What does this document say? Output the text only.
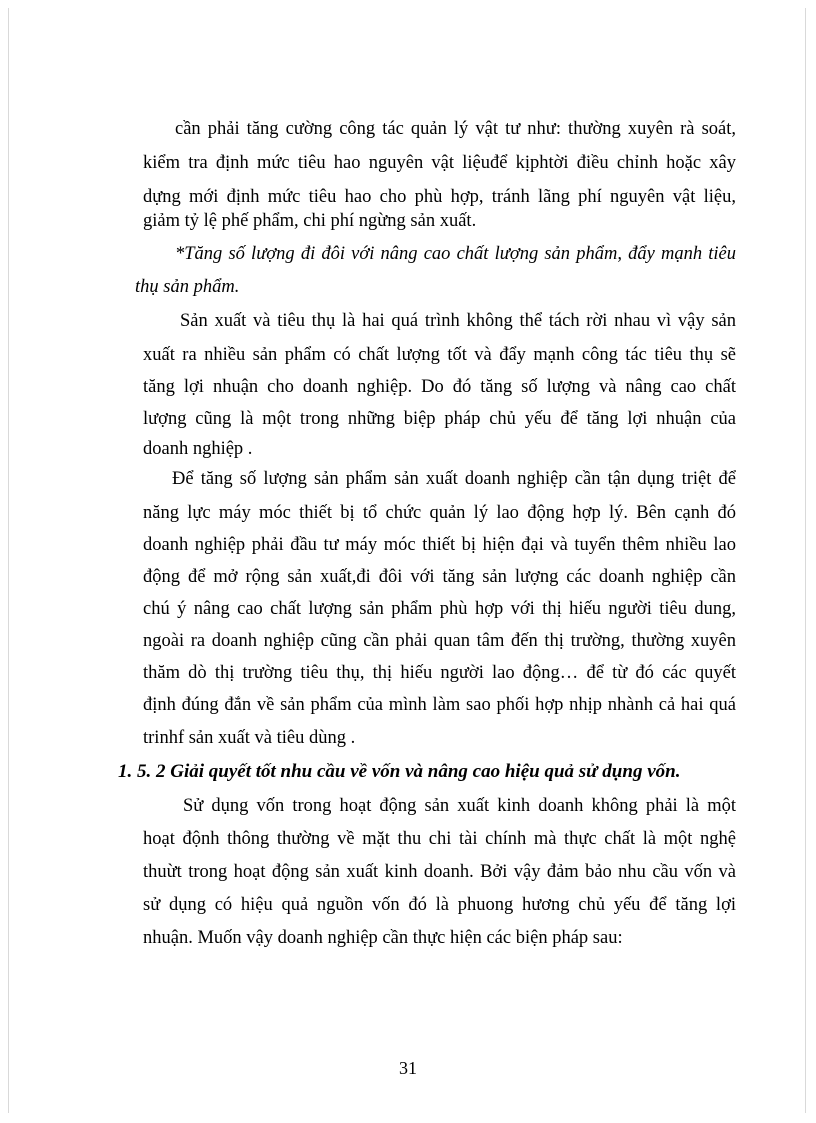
cần phải tăng cường công tác quản lý vật tư như: thường xuyên rà soát,
kiểm tra định mức tiêu hao nguyên vật liệuđể kịphtời điều chỉnh hoặc xây
dựng mới định mức tiêu hao cho phù hợp, tránh lãng phí nguyên vật liệu,
giảm tỷ lệ phế phẩm, chi phí ngừng sản xuất.
*Tăng số lượng đi đôi với nâng cao chất lượng sản phẩm, đẩy mạnh tiêu
thụ sản phẩm.
Sản xuất và tiêu thụ là hai quá trình không thể tách rời nhau vì vậy sản
xuất ra nhiều sản phẩm có chất lượng tốt và đẩy mạnh công tác tiêu thụ sẽ
tăng lợi nhuận cho doanh nghiệp. Do đó tăng số lượng và nâng cao chất
lượng cũng là một trong những biệp pháp chủ yếu để tăng lợi nhuận của
doanh nghiệp .
Để tăng số lượng sản phẩm sản xuất doanh nghiệp cần tận dụng triệt để
năng lực máy móc thiết bị tổ chức quản lý lao động hợp lý. Bên cạnh đó
doanh nghiệp phải đầu tư máy móc thiết bị hiện đại và tuyển thêm nhiều lao
động để mở rộng sản xuất,đi đôi với tăng sản lượng các doanh nghiệp cần
chú ý nâng cao chất lượng sản phẩm phù hợp với thị hiếu người tiêu dung,
ngoài ra doanh nghiệp cũng cần phải quan tâm đến thị trường, thường xuyên
thăm dò thị trường tiêu thụ, thị hiếu người lao động… để từ đó các quyết
định đúng đắn về sản phẩm của mình làm sao phối hợp nhịp nhành cả hai quá
trinhf sản xuất và tiêu dùng .
1. 5. 2 Giải quyết tốt nhu cầu về vốn và nâng cao hiệu quả sử dụng vốn.
Sử dụng vốn trong hoạt động sản xuất kinh doanh không phải là một
hoạt độnh thông thường về mặt thu chi tài chính mà thực chất là một nghệ
thuừt trong hoạt động sản xuất kinh doanh. Bởi vậy đảm bảo nhu cầu vốn và
sử dụng có hiệu quả nguồn vốn đó là phuong hương chủ yếu để tăng lợi
nhuận. Muốn vậy doanh nghiệp cần thực hiện các biện pháp sau:
31
